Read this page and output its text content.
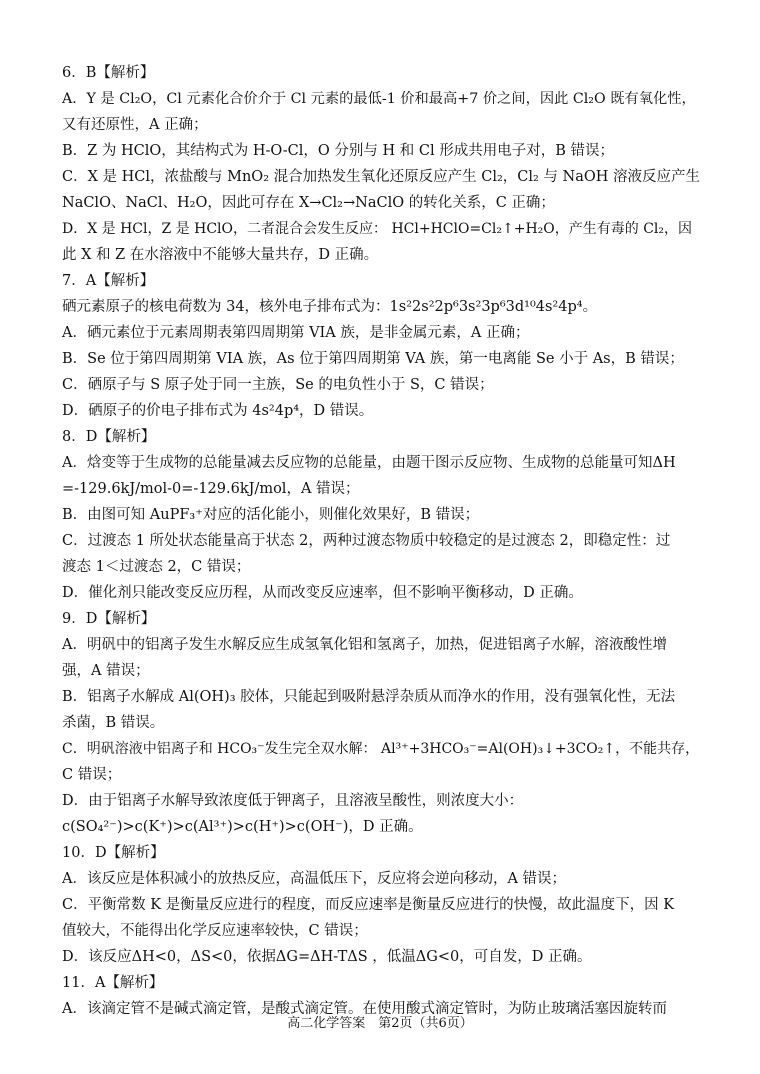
6．B【解析】
A．Y 是 Cl₂O，Cl 元素化合价介于 Cl 元素的最低-1 价和最高+7 价之间，因此 Cl₂O 既有氧化性，
又有还原性，A 正确；
B．Z 为 HClO，其结构式为 H-O-Cl，O 分别与 H 和 Cl 形成共用电子对，B 错误；
C．X 是 HCl，浓盐酸与 MnO₂ 混合加热发生氧化还原反应产生 Cl₂，Cl₂ 与 NaOH 溶液反应产生
NaClO、NaCl、H₂O，因此可存在 X→Cl₂→NaClO 的转化关系，C 正确；
D．X 是 HCl，Z 是 HClO，二者混合会发生反应： HCl+HClO=Cl₂↑+H₂O，产生有毒的 Cl₂，因
此 X 和 Z 在水溶液中不能够大量共存，D 正确。
7．A【解析】
硒元素原子的核电荷数为 34，核外电子排布式为：1s²2s²2p⁶3s²3p⁶3d¹⁰4s²4p⁴。
A．硒元素位于元素周期表第四周期第 VIA 族，是非金属元素，A 正确；
B．Se 位于第四周期第 VIA 族，As 位于第四周期第 VA 族，第一电离能 Se 小于 As，B 错误；
C．硒原子与 S 原子处于同一主族，Se 的电负性小于 S，C 错误；
D．硒原子的价电子排布式为 4s²4p⁴，D 错误。
8．D【解析】
A．焓变等于生成物的总能量减去反应物的总能量，由题干图示反应物、生成物的总能量可知ΔH
=-129.6kJ/mol-0=-129.6kJ/mol，A 错误；
B．由图可知 AuPF₃⁺对应的活化能小，则催化效果好，B 错误；
C．过渡态 1 所处状态能量高于状态 2，两种过渡态物质中较稳定的是过渡态 2，即稳定性：过
渡态 1＜过渡态 2，C 错误；
D．催化剂只能改变反应历程，从而改变反应速率，但不影响平衡移动，D 正确。
9．D【解析】
A．明矾中的铝离子发生水解反应生成氢氧化铝和氢离子，加热，促进铝离子水解，溶液酸性增
强，A 错误；
B．铝离子水解成 Al(OH)₃ 胶体，只能起到吸附悬浮杂质从而净水的作用，没有强氧化性，无法
杀菌，B 错误。
C．明矾溶液中铝离子和 HCO₃⁻发生完全双水解： Al³⁺+3HCO₃⁻=Al(OH)₃↓+3CO₂↑，不能共存，
C 错误；
D．由于铝离子水解导致浓度低于钾离子，且溶液呈酸性，则浓度大小：
c(SO₄²⁻)>c(K⁺)>c(Al³⁺)>c(H⁺)>c(OH⁻)，D 正确。
10．D【解析】
A．该反应是体积减小的放热反应，高温低压下，反应将会逆向移动，A 错误；
C．平衡常数 K 是衡量反应进行的程度，而反应速率是衡量反应进行的快慢，故此温度下，因 K
值较大，不能得出化学反应速率较快，C 错误；
D．该反应ΔH<0，ΔS<0，依据ΔG=ΔH-TΔS ，低温ΔG<0，可自发，D 正确。
11．A【解析】
A．该滴定管不是碱式滴定管，是酸式滴定管。在使用酸式滴定管时，为防止玻璃活塞因旋转而
高二化学答案　第2页（共6页）
